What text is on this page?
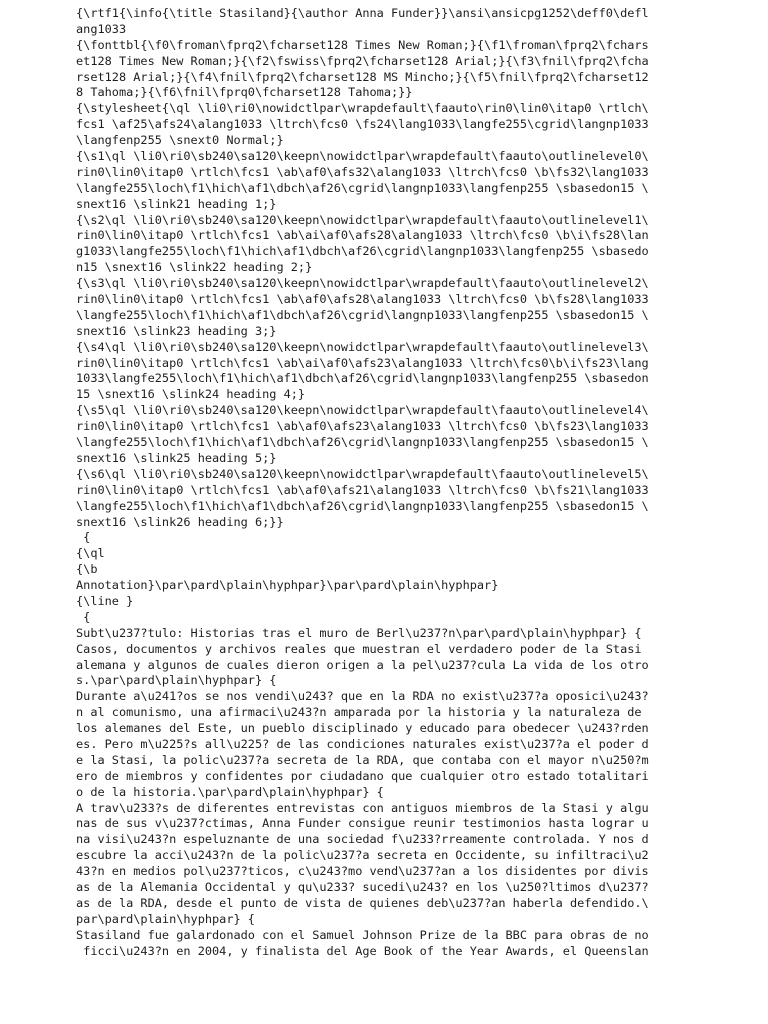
{\rtf1{\info{\title Stasiland}{\author Anna Funder}}\ansi\ansicpg1252\deff0\defl
ang1033
{\fonttbl{\f0\froman\fprq2\fcharset128 Times New Roman;}{\f1\froman\fprq2\fchars
et128 Times New Roman;}{\f2\fswiss\fprq2\fcharset128 Arial;}{\f3\fnil\fprq2\fcha
rset128 Arial;}{\f4\fnil\fprq2\fcharset128 MS Mincho;}{\f5\fnil\fprq2\fcharset12
8 Tahoma;}{\f6\fnil\fprq0\fcharset128 Tahoma;}}
{\stylesheet{\ql \li0\ri0\nowidctlpar\wrapdefault\faauto\rin0\lin0\itap0 \rtlch\
fcs1 \af25\afs24\alang1033 \ltrch\fcs0 \fs24\lang1033\langfe255\cgrid\langnp1033
\langfenp255 \snext0 Normal;}
{\s1\ql \li0\ri0\sb240\sa120\keepn\nowidctlpar\wrapdefault\faauto\outlinelevel0\
rin0\lin0\itap0 \rtlch\fcs1 \ab\af0\afs32\alang1033 \ltrch\fcs0 \b\fs32\lang1033
\langfe255\loch\f1\hich\af1\dbch\af26\cgrid\langnp1033\langfenp255 \sbasedon15 \
snext16 \slink21 heading 1;}
{\s2\ql \li0\ri0\sb240\sa120\keepn\nowidctlpar\wrapdefault\faauto\outlinelevel1\
rin0\lin0\itap0 \rtlch\fcs1 \ab\ai\af0\afs28\alang1033 \ltrch\fcs0 \b\i\fs28\lan
g1033\langfe255\loch\f1\hich\af1\dbch\af26\cgrid\langnp1033\langfenp255 \sbasedo
n15 \snext16 \slink22 heading 2;}
{\s3\ql \li0\ri0\sb240\sa120\keepn\nowidctlpar\wrapdefault\faauto\outlinelevel2\
rin0\lin0\itap0 \rtlch\fcs1 \ab\af0\afs28\alang1033 \ltrch\fcs0 \b\fs28\lang1033
\langfe255\loch\f1\hich\af1\dbch\af26\cgrid\langnp1033\langfenp255 \sbasedon15 \
snext16 \slink23 heading 3;}
{\s4\ql \li0\ri0\sb240\sa120\keepn\nowidctlpar\wrapdefault\faauto\outlinelevel3\
rin0\lin0\itap0 \rtlch\fcs1 \ab\ai\af0\afs23\alang1033 \ltrch\fcs0\b\i\fs23\lang
1033\langfe255\loch\f1\hich\af1\dbch\af26\cgrid\langnp1033\langfenp255 \sbasedon
15 \snext16 \slink24 heading 4;}
{\s5\ql \li0\ri0\sb240\sa120\keepn\nowidctlpar\wrapdefault\faauto\outlinelevel4\
rin0\lin0\itap0 \rtlch\fcs1 \ab\af0\afs23\alang1033 \ltrch\fcs0 \b\fs23\lang1033
\langfe255\loch\f1\hich\af1\dbch\af26\cgrid\langnp1033\langfenp255 \sbasedon15 \
snext16 \slink25 heading 5;}
{\s6\ql \li0\ri0\sb240\sa120\keepn\nowidctlpar\wrapdefault\faauto\outlinelevel5\
rin0\lin0\itap0 \rtlch\fcs1 \ab\af0\afs21\alang1033 \ltrch\fcs0 \b\fs21\lang1033
\langfe255\loch\f1\hich\af1\dbch\af26\cgrid\langnp1033\langfenp255 \sbasedon15 \
snext16 \slink26 heading 6;}}
{
{\ql
{\b
Annotation}\par\pard\plain\hyphpar}\par\pard\plain\hyphpar}
{\line }
{
Subt\u237?tulo: Historias tras el muro de Berl\u237?n\par\pard\plain\hyphpar} {
Casos, documentos y archivos reales que muestran el verdadero poder de la Stasi
alemana y algunos de cuales dieron origen a la pel\u237?cula La vida de los otro
s.\par\pard\plain\hyphpar} {
Durante a\u241?os se nos vendi\u243? que en la RDA no exist\u237?a oposici\u243?
n al comunismo, una afirmaci\u243?n amparada por la historia y la naturaleza de
los alemanes del Este, un pueblo disciplinado y educado para obedecer \u243?rden
es. Pero m\u225?s all\u225? de las condiciones naturales exist\u237?a el poder d
e la Stasi, la polic\u237?a secreta de la RDA, que contaba con el mayor n\u250?m
ero de miembros y confidentes por ciudadano que cualquier otro estado totalitari
o de la historia.\par\pard\plain\hyphpar} {
A trav\u233?s de diferentes entrevistas con antiguos miembros de la Stasi y algu
nas de sus v\u237?ctimas, Anna Funder consigue reunir testimonios hasta lograr u
na visi\u243?n espeluznante de una sociedad f\u233?rreamente controlada. Y nos d
escubre la acci\u243?n de la polic\u237?a secreta en Occidente, su infiltraci\u2
43?n en medios pol\u237?ticos, c\u243?mo vend\u237?an a los disidentes por divis
as de la Alemania Occidental y qu\u233? sucedi\u243? en los \u250?ltimos d\u237?
as de la RDA, desde el punto de vista de quienes deb\u237?an haberla defendido.\
par\pard\plain\hyphpar} {
Stasiland fue galardonado con el Samuel Johnson Prize de la BBC para obras de no
ficci\u243?n en 2004, y finalista del Age Book of the Year Awards, el Queenslan
